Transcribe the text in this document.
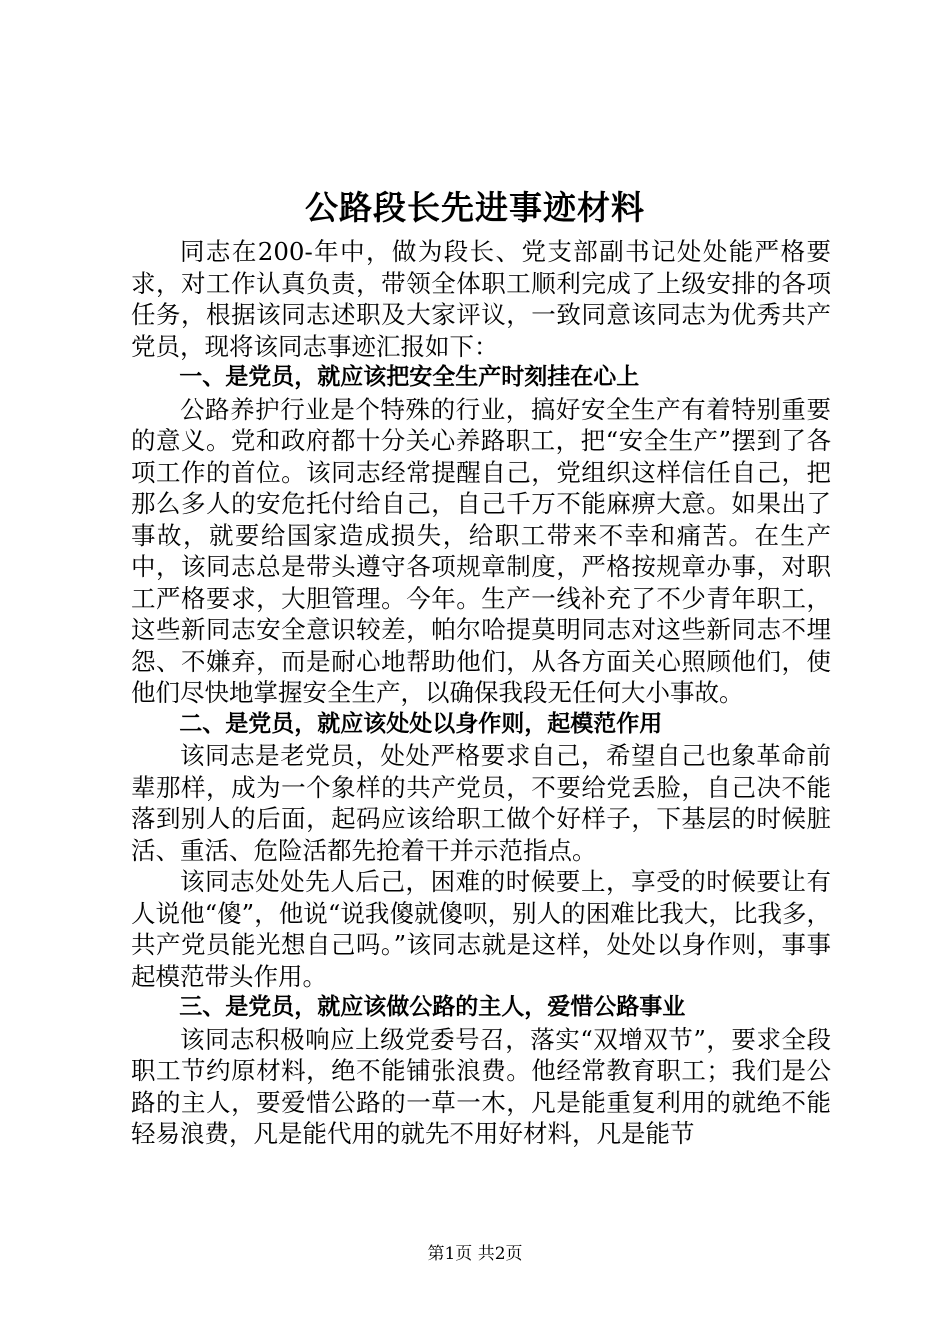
公路段长先进事迹材料

同志在200-年中，做为段长、党支部副书记处处能严格要求，对工作认真负责，带领全体职工顺利完成了上级安排的各项任务，根据该同志述职及大家评议，一致同意该同志为优秀共产党员，现将该同志事迹汇报如下：

一、是党员，就应该把安全生产时刻挂在心上

公路养护行业是个特殊的行业，搞好安全生产有着特别重要的意义。党和政府都十分关心养路职工，把“安全生产”摆到了各项工作的首位。该同志经常提醒自己，党组织这样信任自己，把那么多人的安危托付给自己，自己千万不能麻痹大意。如果出了事故，就要给国家造成损失，给职工带来不幸和痛苦。在生产中，该同志总是带头遵守各项规章制度，严格按规章办事，对职工严格要求，大胆管理。今年。生产一线补充了不少青年职工，这些新同志安全意识较差，帕尔哈提莫明同志对这些新同志不埋怨、不嫌弃，而是耐心地帮助他们，从各方面关心照顾他们，使他们尽快地掌握安全生产，以确保我段无任何大小事故。

二、是党员，就应该处处以身作则，起模范作用

该同志是老党员，处处严格要求自己，希望自己也象革命前辈那样，成为一个象样的共产党员，不要给党丢脸，自己决不能落到别人的后面，起码应该给职工做个好样子，下基层的时候脏活、重活、危险活都先抢着干并示范指点。

该同志处处先人后己，困难的时候要上，享受的时候要让有人说他“傻”，他说“说我傻就傻呗，别人的困难比我大，比我多，共产党员能光想自己吗。”该同志就是这样，处处以身作则，事事起模范带头作用。

三、是党员，就应该做公路的主人，爱惜公路事业

该同志积极响应上级党委号召，落实“双增双节”，要求全段职工节约原材料，绝不能铺张浪费。他经常教育职工；我们是公路的主人，要爱惜公路的一草一木，凡是能重复利用的就绝不能轻易浪费，凡是能代用的就先不用好材料，凡是能节

第1页 共2页
